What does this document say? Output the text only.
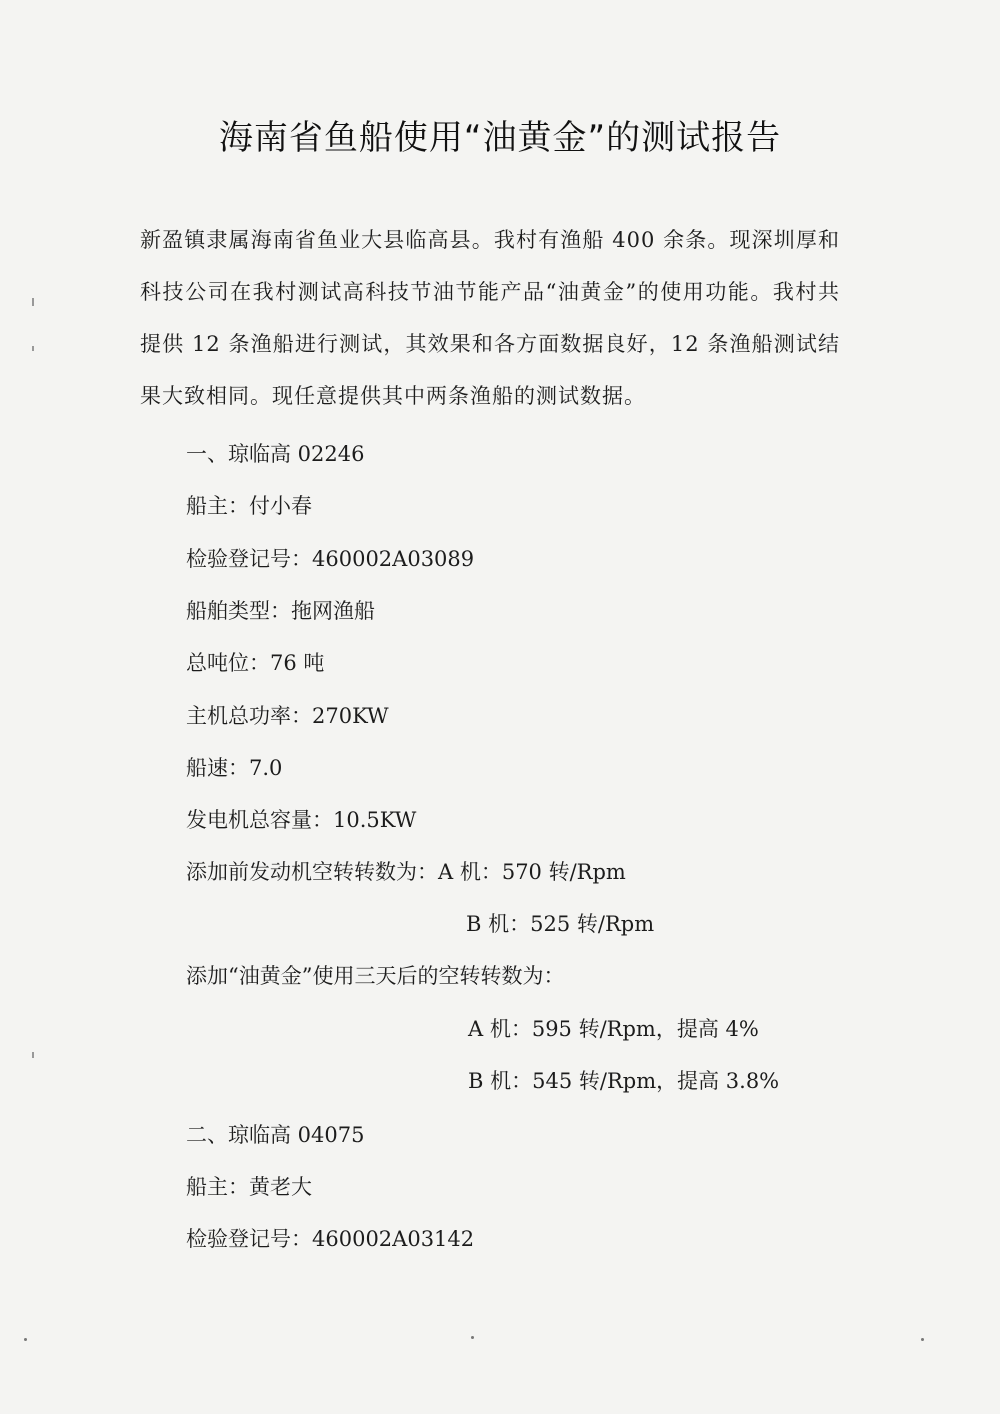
海南省鱼船使用“油黄金”的测试报告
新盈镇隶属海南省鱼业大县临高县。我村有渔船 400 余条。现深圳厚和科技公司在我村测试高科技节油节能产品“油黄金”的使用功能。我村共提供 12 条渔船进行测试，其效果和各方面数据良好，12 条渔船测试结果大致相同。现任意提供其中两条渔船的测试数据。
一、琼临高 02246
船主：付小春
检验登记号：460002A03089
船舶类型：拖网渔船
总吨位：76 吨
主机总功率：270KW
船速：7.0
发电机总容量：10.5KW
添加前发动机空转转数为：A 机：570 转/Rpm
B 机：525 转/Rpm
添加“油黄金”使用三天后的空转转数为：
A 机：595 转/Rpm，提高 4%
B 机：545 转/Rpm，提高 3.8%
二、琼临高 04075
船主：黄老大
检验登记号：460002A03142
